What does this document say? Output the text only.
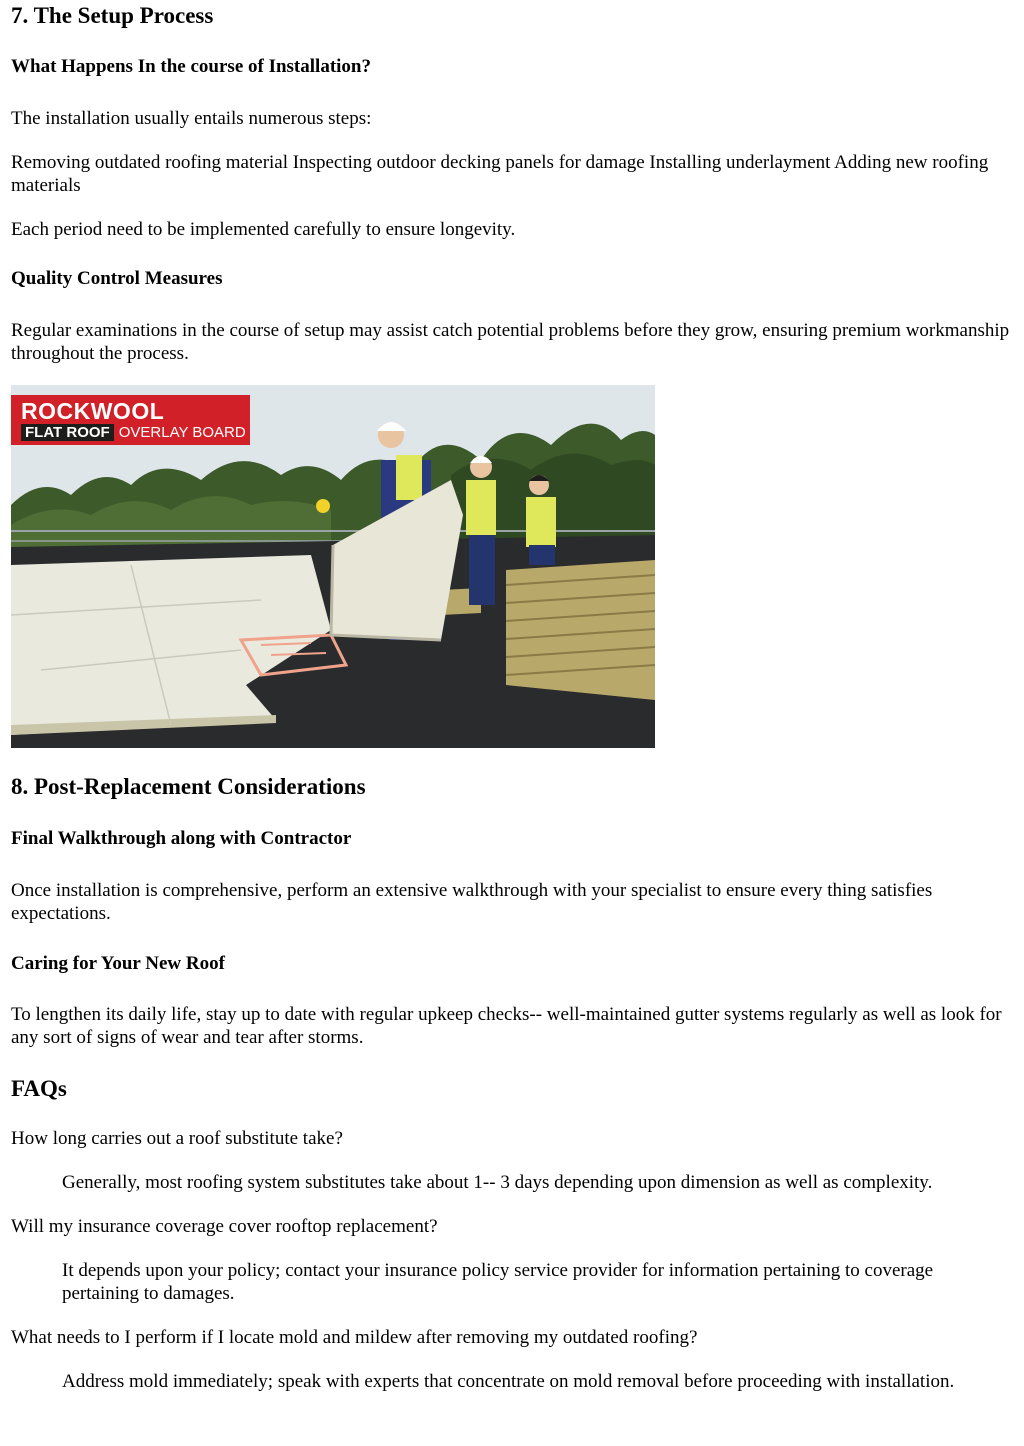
7. The Setup Process
What Happens In the course of Installation?

The installation usually entails numerous steps:

Removing outdated roofing material Inspecting outdoor decking panels for damage Installing underlayment Adding new roofing materials

Each period need to be implemented carefully to ensure longevity.

Quality Control Measures

Regular examinations in the course of setup may assist catch potential problems before they grow, ensuring premium workmanship throughout the process.

ROCKWOOL
FLAT ROOF OVERLAY BOARD
8. Post-Replacement Considerations
Final Walkthrough along with Contractor

Once installation is comprehensive, perform an extensive walkthrough with your specialist to ensure every thing satisfies expectations.

Caring for Your New Roof

To lengthen its daily life, stay up to date with regular upkeep checks-- well-maintained gutter systems regularly as well as look for any sort of signs of wear and tear after storms.

FAQs

How long carries out a roof substitute take?

Generally, most roofing system substitutes take about 1-- 3 days depending upon dimension as well as complexity.

Will my insurance coverage cover rooftop replacement?

It depends upon your policy; contact your insurance policy service provider for information pertaining to coverage pertaining to damages.

What needs to I perform if I locate mold and mildew after removing my outdated roofing?

Address mold immediately; speak with experts that concentrate on mold removal before proceeding with installation.
